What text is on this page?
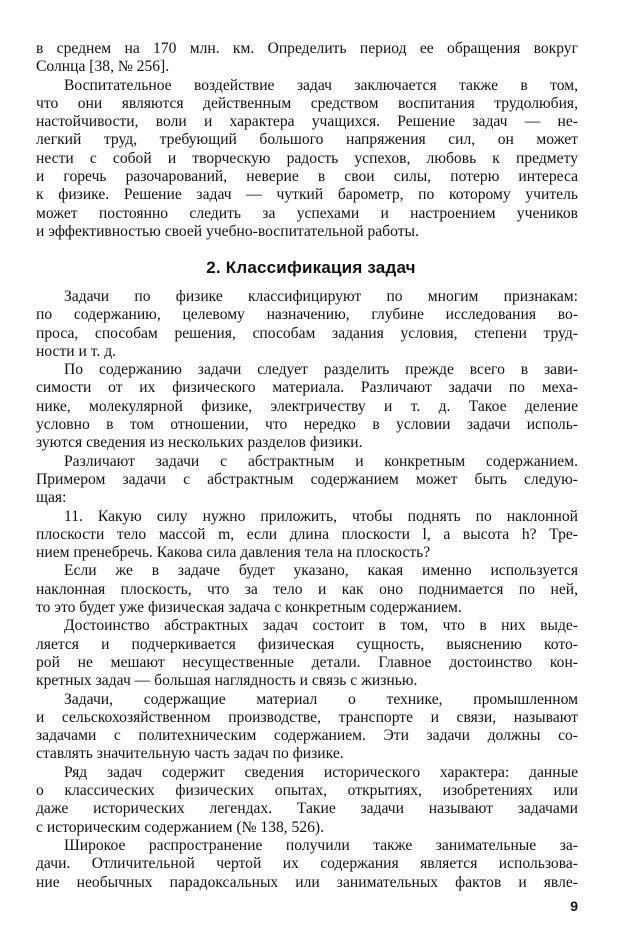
в среднем на 170 млн. км. Определить период ее обращения вокруг
Солнца [38, № 256].
Воспитательное воздействие задач заключается также в том,
что они являются действенным средством воспитания трудолюбия,
настойчивости, воли и характера учащихся. Решение задач — не-
легкий труд, требующий большого напряжения сил, он может
нести с собой и творческую радость успехов, любовь к предмету
и горечь разочарований, неверие в свои силы, потерю интереса
к физике. Решение задач — чуткий барометр, по которому учитель
может постоянно следить за успехами и настроением учеников
и эффективностью своей учебно-воспитательной работы.
2. Классификация задач
Задачи по физике классифицируют по многим признакам:
по содержанию, целевому назначению, глубине исследования во-
проса, способам решения, способам задания условия, степени труд-
ности и т. д.
По содержанию задачи следует разделить прежде всего в зави-
симости от их физического материала. Различают задачи по меха-
нике, молекулярной физике, электричеству и т. д. Такое деление
условно в том отношении, что нередко в условии задачи исполь-
зуются сведения из нескольких разделов физики.
Различают задачи с абстрактным и конкретным содержанием.
Примером задачи с абстрактным содержанием может быть следую-
щая:
11. Какую силу нужно приложить, чтобы поднять по наклонной
плоскости тело массой m, если длина плоскости l, а высота h? Тре-
нием пренебречь. Какова сила давления тела на плоскость?
Если же в задаче будет указано, какая именно используется
наклонная плоскость, что за тело и как оно поднимается по ней,
то это будет уже физическая задача с конкретным содержанием.
Достоинство абстрактных задач состоит в том, что в них выде-
ляется и подчеркивается физическая сущность, выяснению кото-
рой не мешают несущественные детали. Главное достоинство кон-
кретных задач — большая наглядность и связь с жизнью.
Задачи, содержащие материал о технике, промышленном
и сельскохозяйственном производстве, транспорте и связи, называют
задачами с политехническим содержанием. Эти задачи должны со-
ставлять значительную часть задач по физике.
Ряд задач содержит сведения исторического характера: данные
о классических физических опытах, открытиях, изобретениях или
даже исторических легендах. Такие задачи называют задачами
с историческим содержанием (№ 138, 526).
Широкое распространение получили также занимательные за-
дачи. Отличительной чертой их содержания является использова-
ние необычных парадоксальных или занимательных фактов и явле-
9
